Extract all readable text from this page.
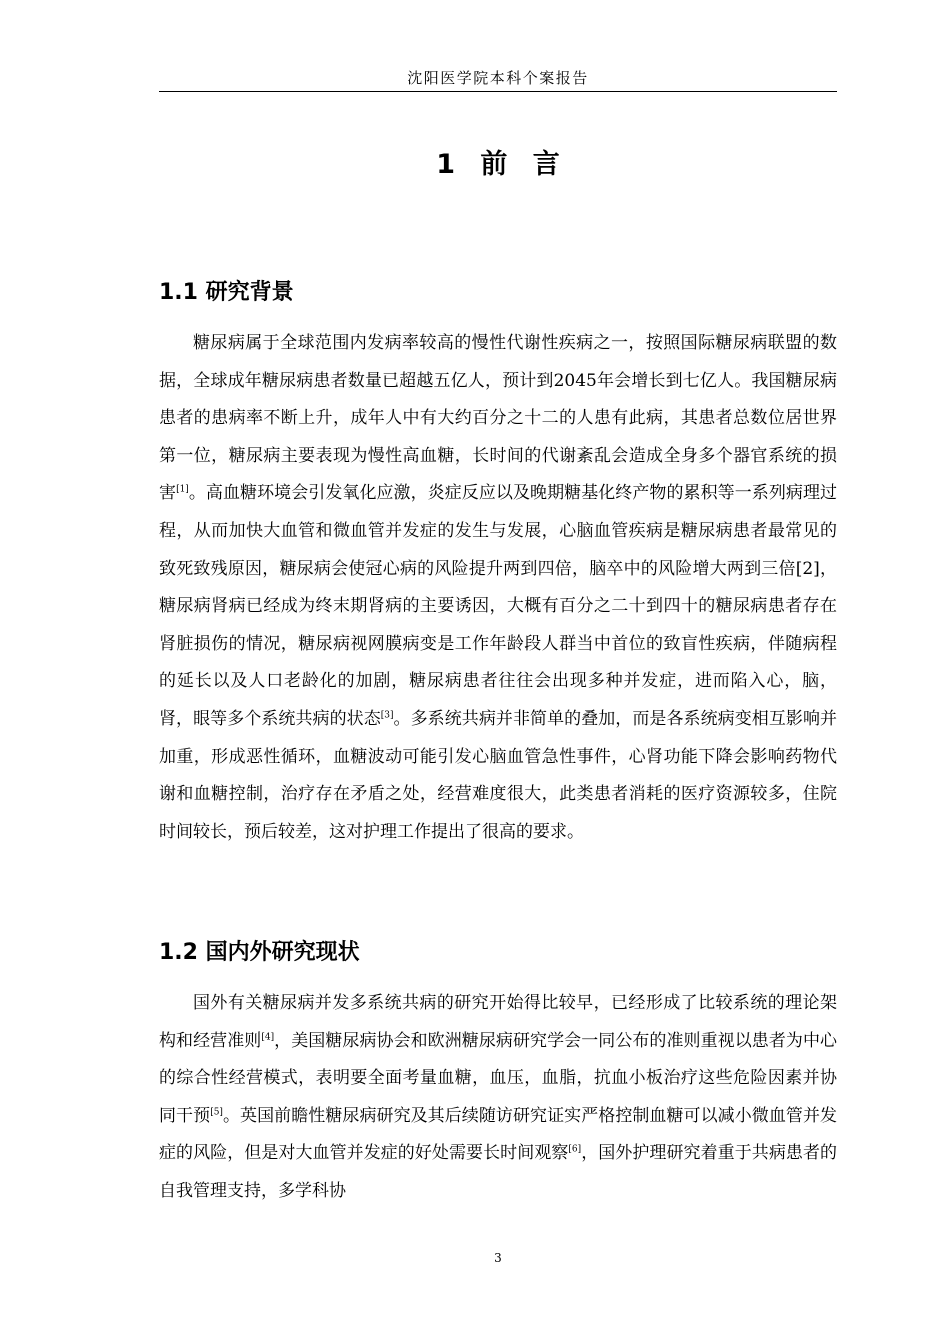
沈阳医学院本科个案报告
1 前 言
1.1 研究背景

糖尿病属于全球范围内发病率较高的慢性代谢性疾病之一，按照国际糖尿病联盟的数据，全球成年糖尿病患者数量已超越五亿人，预计到2045年会增长到七亿人。我国糖尿病患者的患病率不断上升，成年人中有大约百分之十二的人患有此病，其患者总数位居世界第一位，糖尿病主要表现为慢性高血糖，长时间的代谢紊乱会造成全身多个器官系统的损害[1]。高血糖环境会引发氧化应激，炎症反应以及晚期糖基化终产物的累积等一系列病理过程，从而加快大血管和微血管并发症的发生与发展，心脑血管疾病是糖尿病患者最常见的致死致残原因，糖尿病会使冠心病的风险提升两到四倍，脑卒中的风险增大两到三倍[2]，糖尿病肾病已经成为终末期肾病的主要诱因，大概有百分之二十到四十的糖尿病患者存在肾脏损伤的情况，糖尿病视网膜病变是工作年龄段人群当中首位的致盲性疾病，伴随病程的延长以及人口老龄化的加剧，糖尿病患者往往会出现多种并发症，进而陷入心，脑，肾，眼等多个系统共病的状态[3]。多系统共病并非简单的叠加，而是各系统病变相互影响并加重，形成恶性循环，血糖波动可能引发心脑血管急性事件，心肾功能下降会影响药物代谢和血糖控制，治疗存在矛盾之处，经营难度很大，此类患者消耗的医疗资源较多，住院时间较长，预后较差，这对护理工作提出了很高的要求。

1.2 国内外研究现状

国外有关糖尿病并发多系统共病的研究开始得比较早，已经形成了比较系统的理论架构和经营准则[4]，美国糖尿病协会和欧洲糖尿病研究学会一同公布的准则重视以患者为中心的综合性经营模式，表明要全面考量血糖，血压，血脂，抗血小板治疗这些危险因素并协同干预[5]。英国前瞻性糖尿病研究及其后续随访研究证实严格控制血糖可以减小微血管并发症的风险，但是对大血管并发症的好处需要长时间观察[6]，国外护理研究着重于共病患者的自我管理支持，多学科协

3
